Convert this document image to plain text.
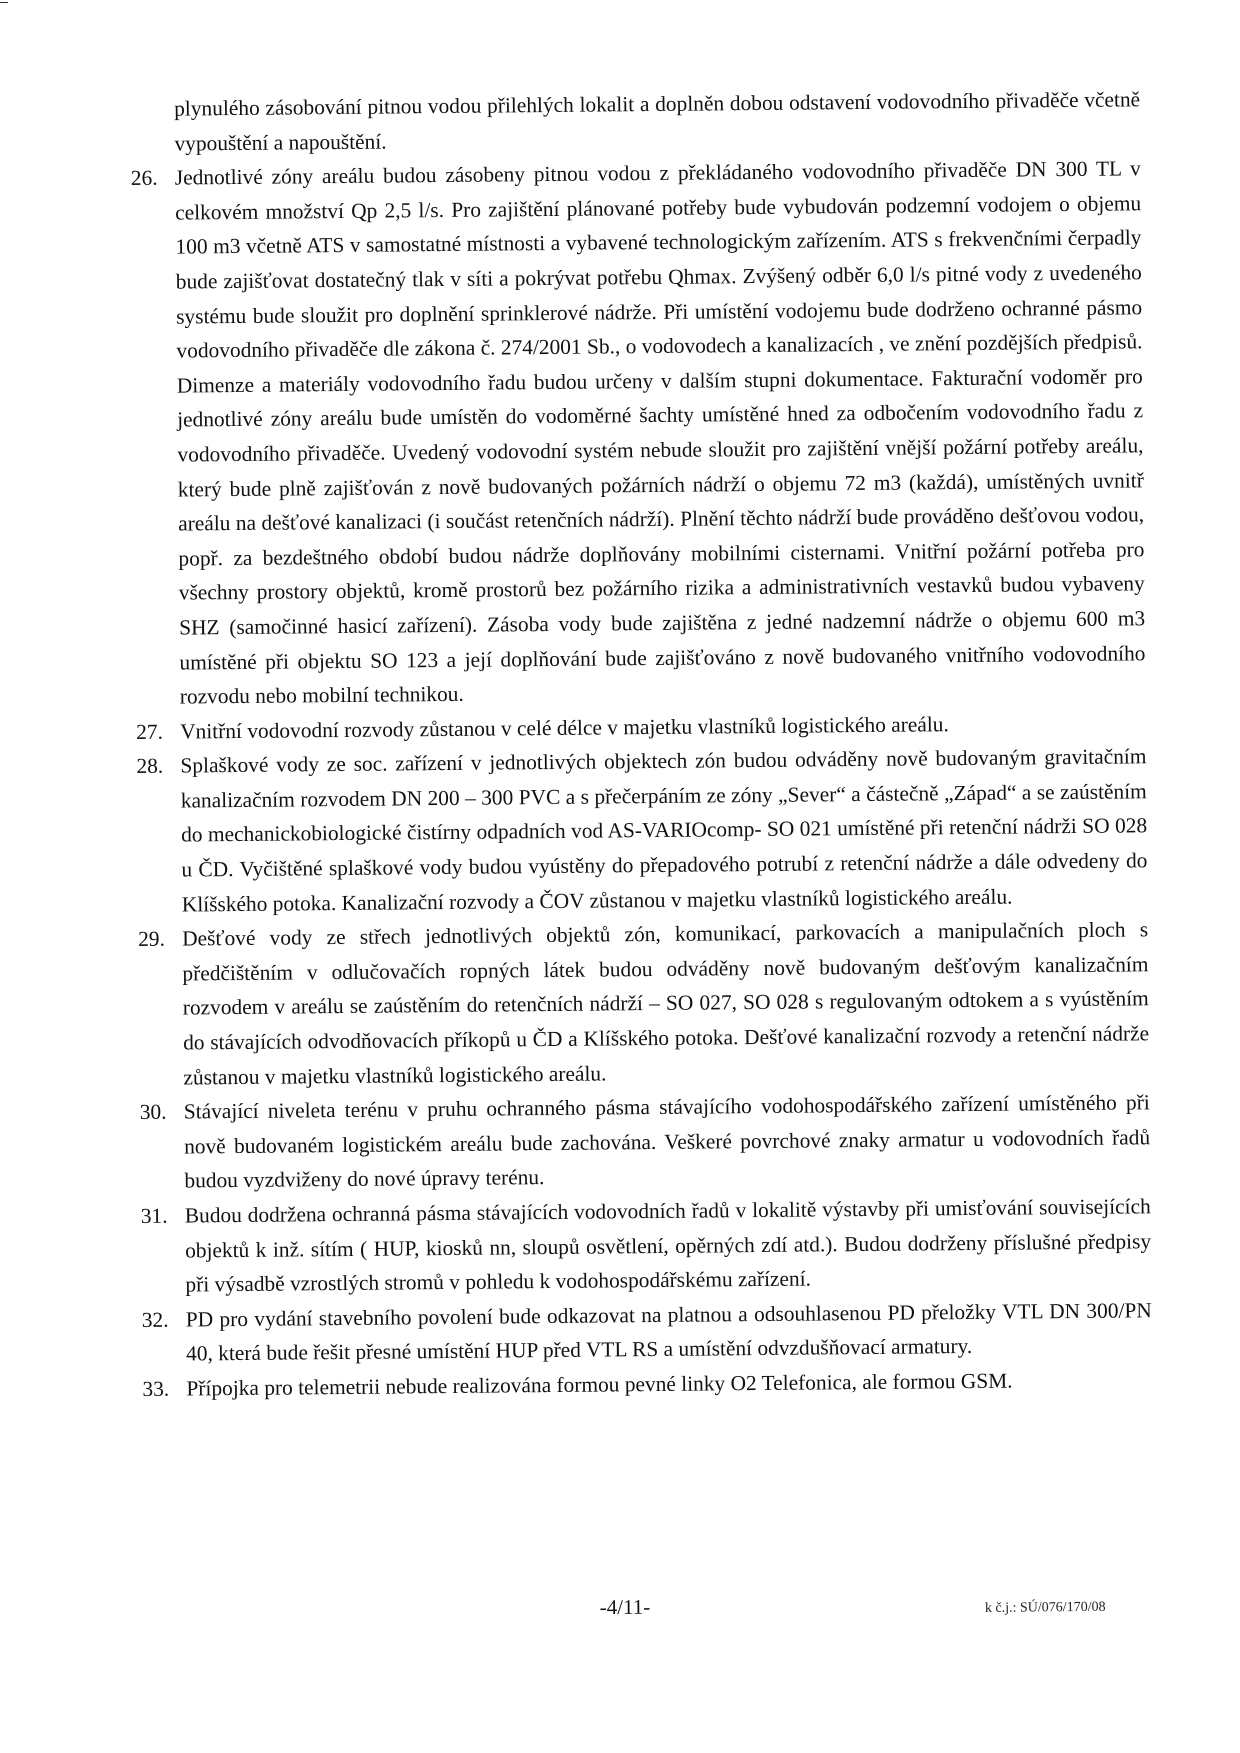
plynulého zásobování pitnou vodou přilehlých lokalit a doplněn dobou odstavení vodovodního přivaděče včetně vypouštění a napouštění.

26. Jednotlivé zóny areálu budou zásobeny pitnou vodou z překládaného vodovodního přivaděče DN 300 TL v celkovém množství Qp 2,5 l/s. Pro zajištění plánované potřeby bude vybudován podzemní vodojem o objemu 100 m3 včetně ATS v samostatné místnosti a vybavené technologickým zařízením. ATS s frekvenčními čerpadly bude zajišťovat dostatečný tlak v síti a pokrývat potřebu Qhmax. Zvýšený odběr 6,0 l/s pitné vody z uvedeného systému bude sloužit pro doplnění sprinklerové nádrže. Při umístění vodojemu bude dodrženo ochranné pásmo vodovodního přivaděče dle zákona č. 274/2001 Sb., o vodovodech a kanalizacích , ve znění pozdějších předpisů. Dimenze a materiály vodovodního řadu budou určeny v dalším stupni dokumentace. Fakturační vodoměr pro jednotlivé zóny areálu bude umístěn do vodoměrné šachty umístěné hned za odbočením vodovodního řadu z vodovodního přivaděče. Uvedený vodovodní systém nebude sloužit pro zajištění vnější požární potřeby areálu, který bude plně zajišťován z nově budovaných požárních nádrží o objemu 72 m3 (každá), umístěných uvnitř areálu na dešťové kanalizaci (i součást retenčních nádrží). Plnění těchto nádrží bude prováděno dešťovou vodou, popř. za bezdeštného období budou nádrže doplňovány mobilními cisternami. Vnitřní požární potřeba pro všechny prostory objektů, kromě prostorů bez požárního rizika a administrativních vestavků budou vybaveny SHZ (samočinné hasicí zařízení). Zásoba vody bude zajištěna z jedné nadzemní nádrže o objemu 600 m3 umístěné při objektu SO 123 a její doplňování bude zajišťováno z nově budovaného vnitřního vodovodního rozvodu nebo mobilní technikou.
27. Vnitřní vodovodní rozvody zůstanou v celé délce v majetku vlastníků logistického areálu.
28. Splaškové vody ze soc. zařízení v jednotlivých objektech zón budou odváděny nově budovaným gravitačním kanalizačním rozvodem DN 200 – 300 PVC a s přečerpáním ze zóny „Sever“ a částečně „Západ“ a se zaústěním do mechanickobiologické čistírny odpadních vod AS-VARIOcomp- SO 021 umístěné při retenční nádrži SO 028 u ČD. Vyčištěné splaškové vody budou vyústěny do přepadového potrubí z retenční nádrže a dále odvedeny do Klíšského potoka. Kanalizační rozvody a ČOV zůstanou v majetku vlastníků logistického areálu.
29. Dešťové vody ze střech jednotlivých objektů zón, komunikací, parkovacích a manipulačních ploch s předčištěním v odlučovačích ropných látek budou odváděny nově budovaným dešťovým kanalizačním rozvodem v areálu se zaústěním do retenčních nádrží – SO 027, SO 028 s regulovaným odtokem a s vyústěním do stávajících odvodňovacích příkopů u ČD a Klíšského potoka. Dešťové kanalizační rozvody a retenční nádrže zůstanou v majetku vlastníků logistického areálu.
30. Stávající niveleta terénu v pruhu ochranného pásma stávajícího vodohospodářského zařízení umístěného při nově budovaném logistickém areálu bude zachována. Veškeré povrchové znaky armatur u vodovodních řadů budou vyzdviženy do nové úpravy terénu.
31. Budou dodržena ochranná pásma stávajících vodovodních řadů v lokalitě výstavby při umisťování souvisejících objektů k inž. sítím ( HUP, kiosků nn, sloupů osvětlení, opěrných zdí atd.). Budou dodrženy příslušné předpisy při výsadbě vzrostlých stromů v pohledu k vodohospodářskému zařízení.
32. PD pro vydání stavebního povolení bude odkazovat na platnou a odsouhlasenou PD přeložky VTL DN 300/PN 40, která bude řešit přesné umístění HUP před VTL RS a umístění odvzdušňovací armatury.
33. Přípojka pro telemetrii nebude realizována formou pevné linky O2 Telefonica, ale formou GSM.
-4/11-	k č.j.: SÚ/076/170/08
